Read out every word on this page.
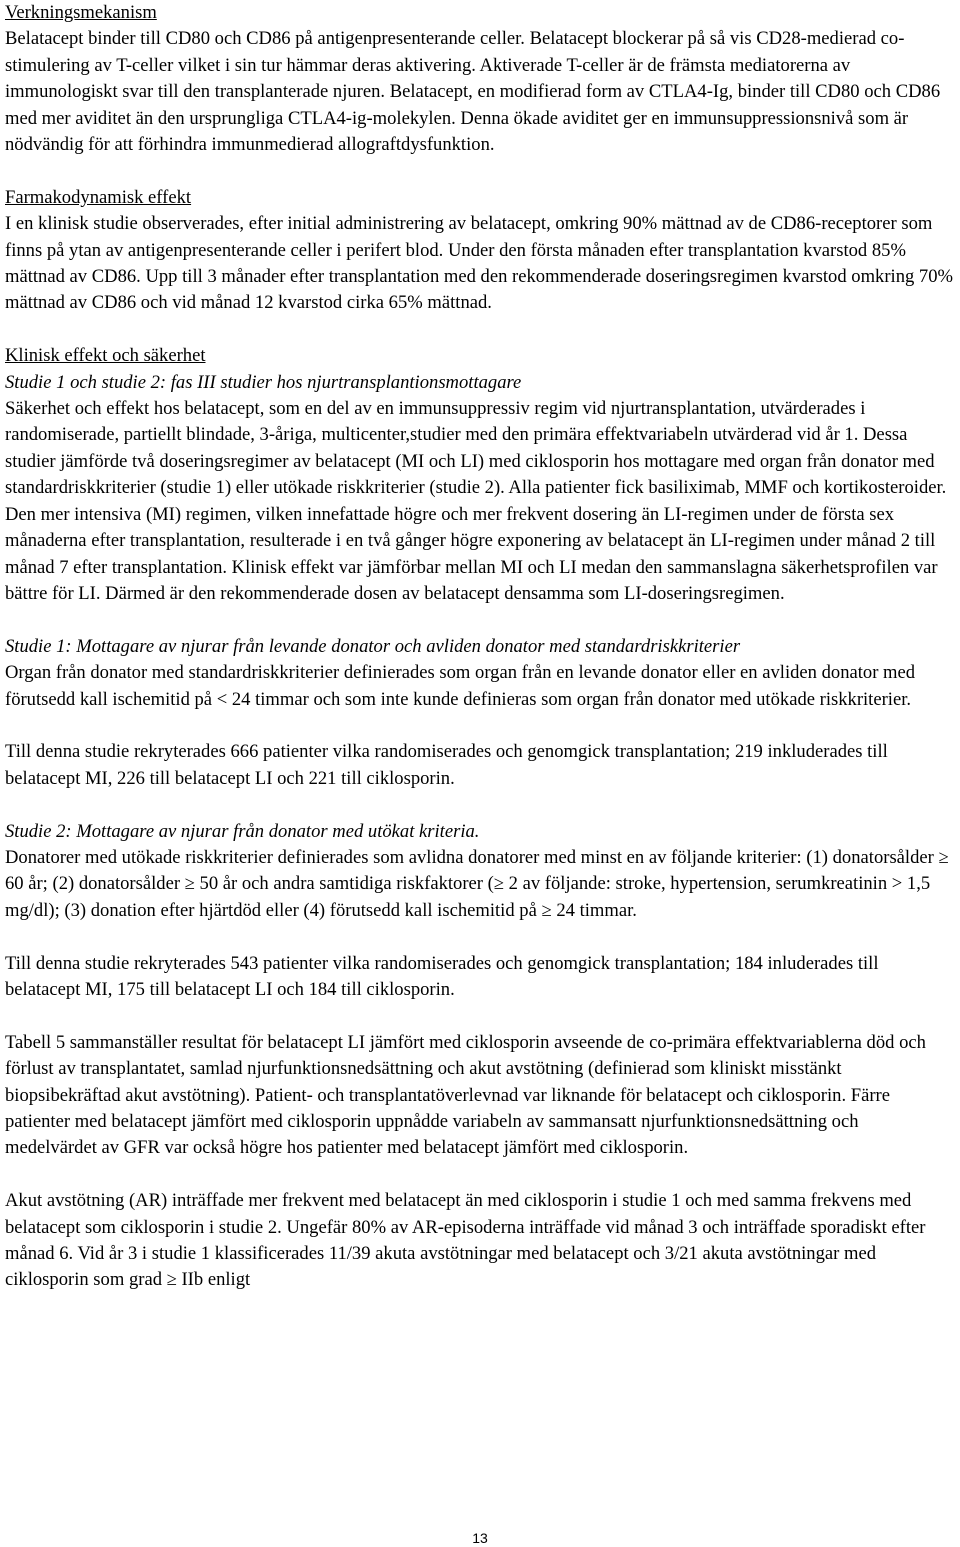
Verkningsmekanism
Belatacept binder till CD80 och CD86 på antigenpresenterande celler. Belatacept blockerar på så vis CD28-medierad co-stimulering av T-celler vilket i sin tur hämmar deras aktivering. Aktiverade T-celler är de främsta mediatorerna av immunologiskt svar till den transplanterade njuren. Belatacept, en modifierad form av CTLA4-Ig, binder till CD80 och CD86 med mer aviditet än den ursprungliga CTLA4-ig-molekylen. Denna ökade aviditet ger en immunsuppressionsnivå som är nödvändig för att förhindra immunmedierad allograftdysfunktion.

Farmakodynamisk effekt
I en klinisk studie observerades, efter initial administrering av belatacept, omkring 90% mättnad av de CD86-receptorer som finns på ytan av antigenpresenterande celler i perifert blod. Under den första månaden efter transplantation kvarstod 85% mättnad av CD86. Upp till 3 månader efter transplantation med den rekommenderade doseringsregimen kvarstod omkring 70% mättnad av CD86 och vid månad 12 kvarstod cirka 65% mättnad.

Klinisk effekt och säkerhet
Studie 1 och studie 2: fas III studier hos njurtransplantionsmottagare
Säkerhet och effekt hos belatacept, som en del av en immunsuppressiv regim vid njurtransplantation, utvärderades i randomiserade, partiellt blindade, 3-åriga, multicenter,studier med den primära effektvariabeln utvärderad vid år 1. Dessa studier jämförde två doseringsregimer av belatacept (MI och LI) med ciklosporin hos mottagare med organ från donator med standardriskkriterier (studie 1) eller utökade riskkriterier (studie 2). Alla patienter fick basiliximab, MMF och kortikosteroider. Den mer intensiva (MI) regimen, vilken innefattade högre och mer frekvent dosering än LI-regimen under de första sex månaderna efter transplantation, resulterade i en två gånger högre exponering av belatacept än LI-regimen under månad 2 till månad 7 efter transplantation. Klinisk effekt var jämförbar mellan MI och LI medan den sammanslagna säkerhetsprofilen var bättre för LI. Därmed är den rekommenderade dosen av belatacept densamma som LI-doseringsregimen.

Studie 1: Mottagare av njurar från levande donator och avliden donator med standardriskkriterier
Organ från donator med standardriskkriterier definierades som organ från en levande donator eller en avliden donator med förutsedd kall ischemitid på < 24 timmar och som inte kunde definieras som organ från donator med utökade riskkriterier.

Till denna studie rekryterades 666 patienter vilka randomiserades och genomgick transplantation; 219 inkluderades till belatacept MI, 226 till belatacept LI och 221 till ciklosporin.

Studie 2: Mottagare av njurar från donator med utökat kriteria.
Donatorer med utökade riskkriterier definierades som avlidna donatorer med minst en av följande kriterier: (1) donatorsålder ≥ 60 år; (2) donatorsålder ≥ 50 år och andra samtidiga riskfaktorer (≥ 2 av följande: stroke, hypertension, serumkreatinin > 1,5 mg/dl); (3) donation efter hjärtdöd eller (4) förutsedd kall ischemitid på ≥ 24 timmar.

Till denna studie rekryterades 543 patienter vilka randomiserades och genomgick transplantation; 184 inluderades till belatacept MI, 175 till belatacept LI och 184 till ciklosporin.

Tabell 5 sammanställer resultat för belatacept LI jämfört med ciklosporin avseende de co-primära effektvariablerna död och förlust av transplantatet, samlad njurfunktionsnedsättning och akut avstötning (definierad som kliniskt misstänkt biopsibekräftad akut avstötning). Patient- och transplantatöverlevnad var liknande för belatacept och ciklosporin. Färre patienter med belatacept jämfört med ciklosporin uppnådde variabeln av sammansatt njurfunktionsnedsättning och medelvärdet av GFR var också högre hos patienter med belatacept jämfört med ciklosporin.

Akut avstötning (AR) inträffade mer frekvent med belatacept än med ciklosporin i studie 1 och med samma frekvens med belatacept som ciklosporin i studie 2. Ungefär 80% av AR-episoderna inträffade vid månad 3 och inträffade sporadiskt efter månad 6. Vid år 3 i studie 1 klassificerades 11/39 akuta avstötningar med belatacept och 3/21 akuta avstötningar med ciklosporin som grad ≥ IIb enligt

13
